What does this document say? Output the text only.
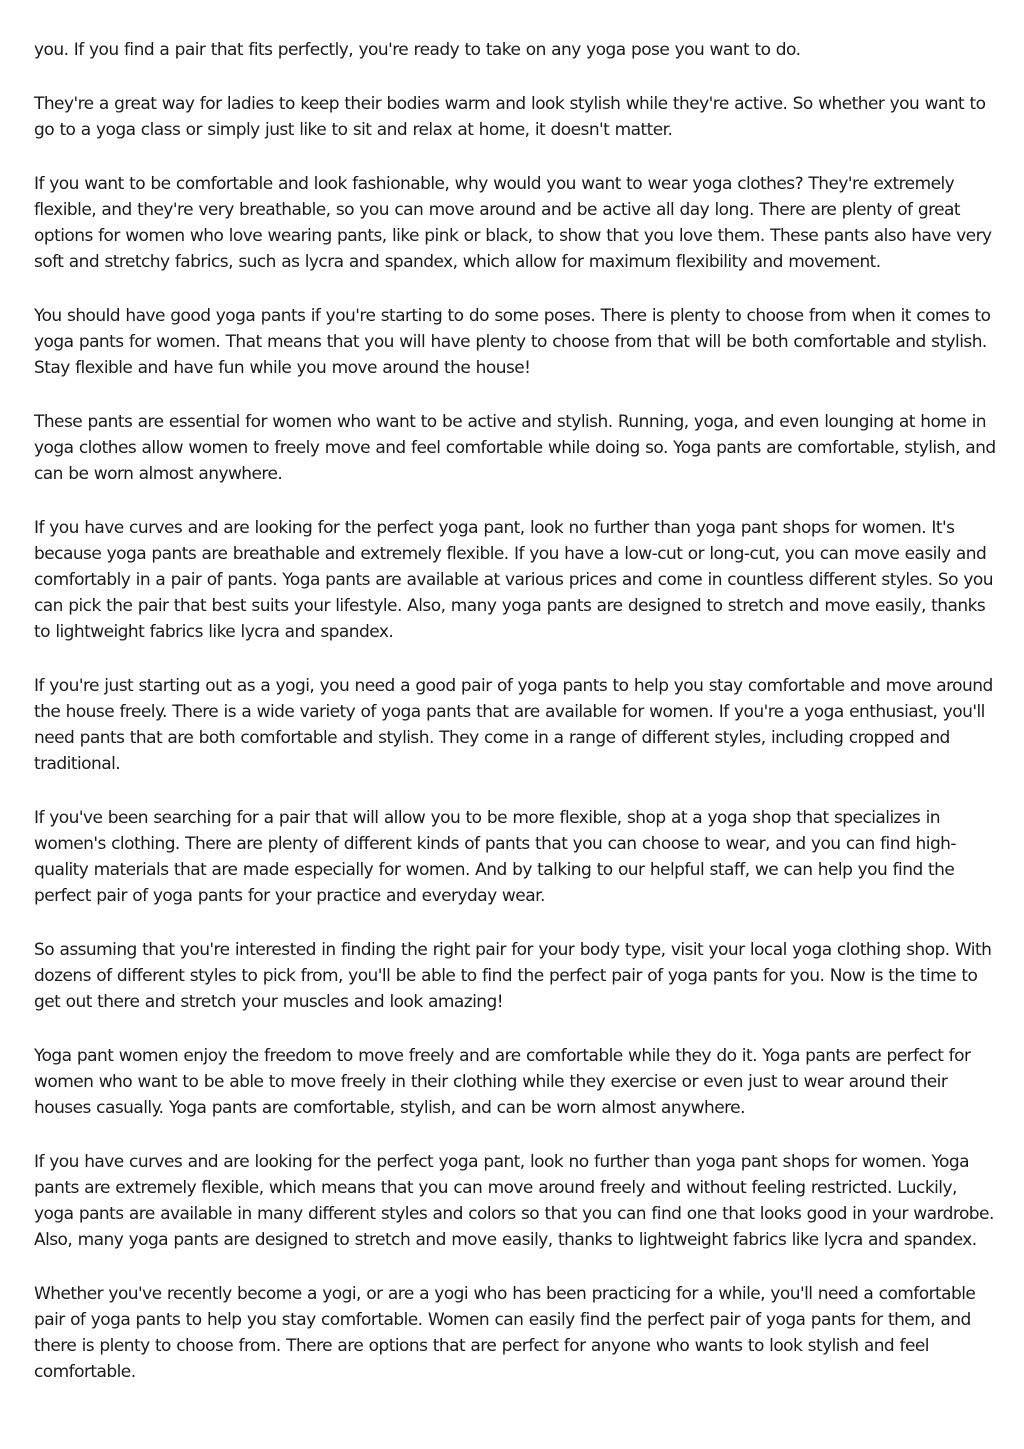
you. If you find a pair that fits perfectly, you're ready to take on any yoga pose you want to do.

They're a great way for ladies to keep their bodies warm and look stylish while they're active. So whether you want to go to a yoga class or simply just like to sit and relax at home, it doesn't matter.

If you want to be comfortable and look fashionable, why would you want to wear yoga clothes? They're extremely flexible, and they're very breathable, so you can move around and be active all day long. There are plenty of great options for women who love wearing pants, like pink or black, to show that you love them. These pants also have very soft and stretchy fabrics, such as lycra and spandex, which allow for maximum flexibility and movement.

You should have good yoga pants if you're starting to do some poses. There is plenty to choose from when it comes to yoga pants for women. That means that you will have plenty to choose from that will be both comfortable and stylish. Stay flexible and have fun while you move around the house!

These pants are essential for women who want to be active and stylish. Running, yoga, and even lounging at home in yoga clothes allow women to freely move and feel comfortable while doing so. Yoga pants are comfortable, stylish, and can be worn almost anywhere.

If you have curves and are looking for the perfect yoga pant, look no further than yoga pant shops for women. It's because yoga pants are breathable and extremely flexible. If you have a low-cut or long-cut, you can move easily and comfortably in a pair of pants. Yoga pants are available at various prices and come in countless different styles. So you can pick the pair that best suits your lifestyle. Also, many yoga pants are designed to stretch and move easily, thanks to lightweight fabrics like lycra and spandex.

If you're just starting out as a yogi, you need a good pair of yoga pants to help you stay comfortable and move around the house freely. There is a wide variety of yoga pants that are available for women. If you're a yoga enthusiast, you'll need pants that are both comfortable and stylish. They come in a range of different styles, including cropped and traditional.

If you've been searching for a pair that will allow you to be more flexible, shop at a yoga shop that specializes in women's clothing. There are plenty of different kinds of pants that you can choose to wear, and you can find high-quality materials that are made especially for women. And by talking to our helpful staff, we can help you find the perfect pair of yoga pants for your practice and everyday wear.

So assuming that you're interested in finding the right pair for your body type, visit your local yoga clothing shop. With dozens of different styles to pick from, you'll be able to find the perfect pair of yoga pants for you. Now is the time to get out there and stretch your muscles and look amazing!

Yoga pant women enjoy the freedom to move freely and are comfortable while they do it. Yoga pants are perfect for women who want to be able to move freely in their clothing while they exercise or even just to wear around their houses casually. Yoga pants are comfortable, stylish, and can be worn almost anywhere.

If you have curves and are looking for the perfect yoga pant, look no further than yoga pant shops for women. Yoga pants are extremely flexible, which means that you can move around freely and without feeling restricted. Luckily, yoga pants are available in many different styles and colors so that you can find one that looks good in your wardrobe. Also, many yoga pants are designed to stretch and move easily, thanks to lightweight fabrics like lycra and spandex.

Whether you've recently become a yogi, or are a yogi who has been practicing for a while, you'll need a comfortable pair of yoga pants to help you stay comfortable. Women can easily find the perfect pair of yoga pants for them, and there is plenty to choose from. There are options that are perfect for anyone who wants to look stylish and feel comfortable.
